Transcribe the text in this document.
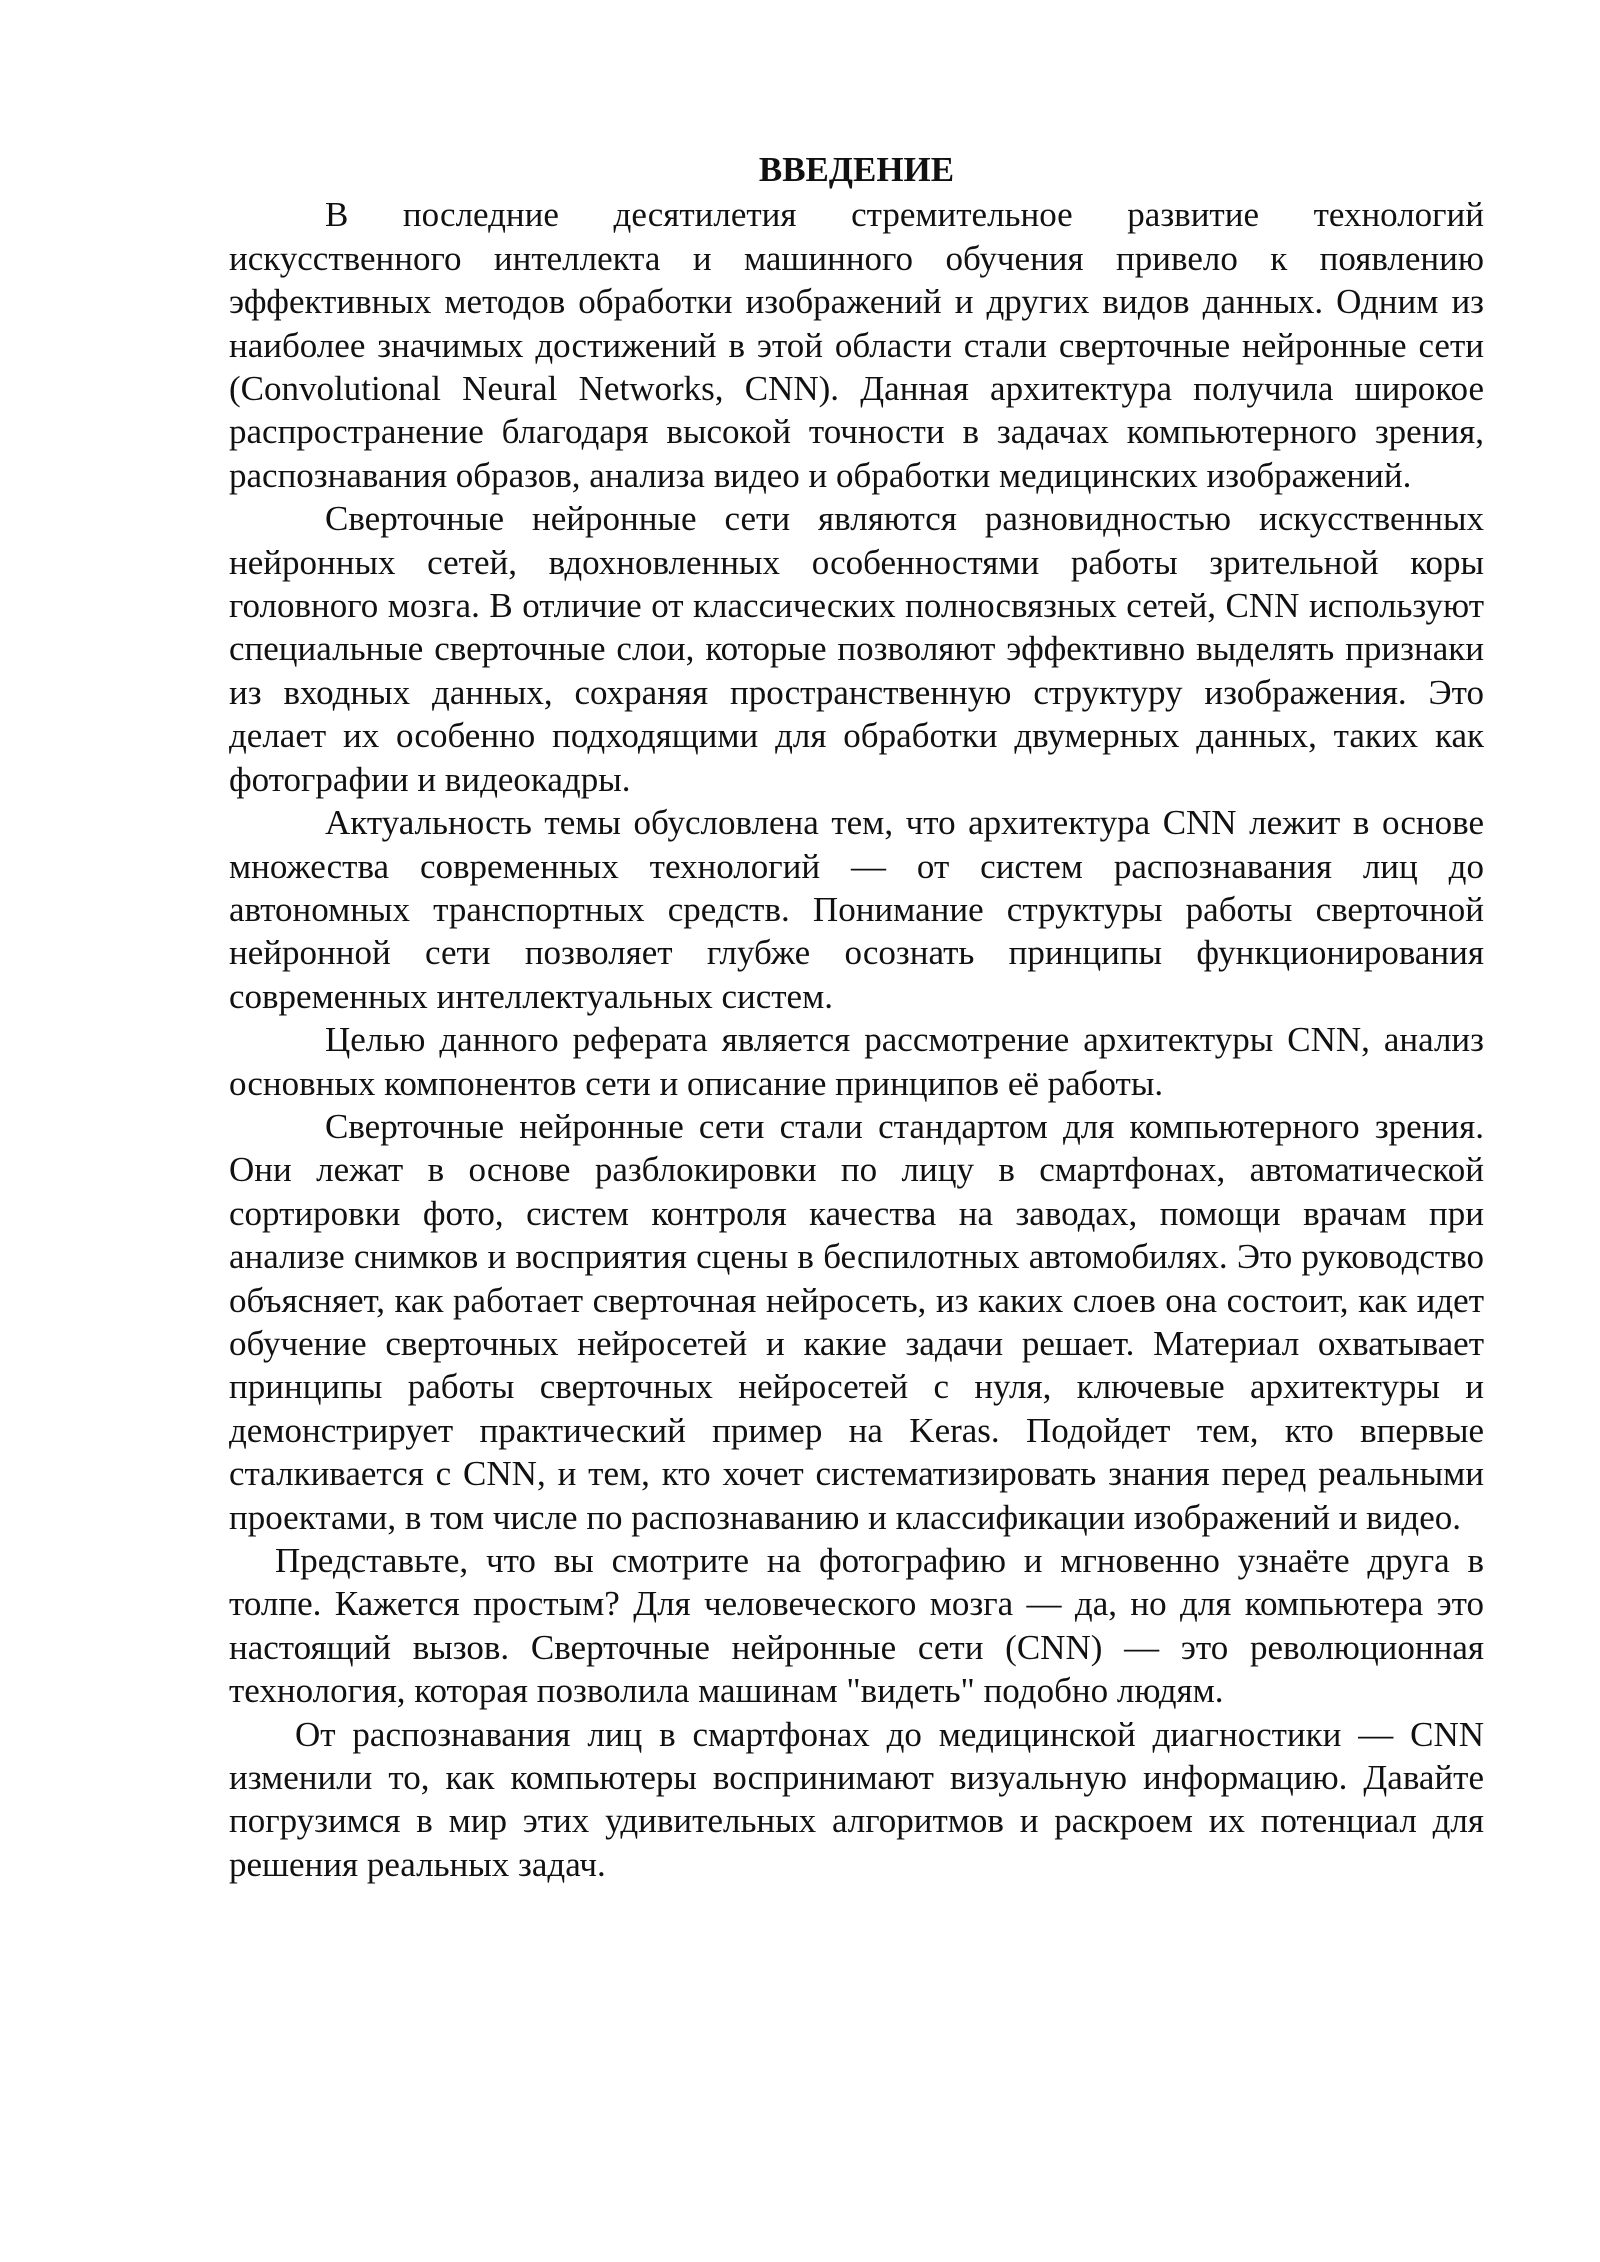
ВВЕДЕНИЕ

В последние десятилетия стремительное развитие технологий искусственного интеллекта и машинного обучения привело к появлению эффективных методов обработки изображений и других видов данных. Одним из наиболее значимых достижений в этой области стали сверточные нейронные сети (Convolutional Neural Networks, CNN). Данная архитектура получила широкое распространение благодаря высокой точности в задачах компьютерного зрения, распознавания образов, анализа видео и обработки медицинских изображений.

Сверточные нейронные сети являются разновидностью искусственных нейронных сетей, вдохновленных особенностями работы зрительной коры головного мозга. В отличие от классических полносвязных сетей, CNN используют специальные сверточные слои, которые позволяют эффективно выделять признаки из входных данных, сохраняя пространственную структуру изображения. Это делает их особенно подходящими для обработки двумерных данных, таких как фотографии и видеокадры.

Актуальность темы обусловлена тем, что архитектура CNN лежит в основе множества современных технологий — от систем распознавания лиц до автономных транспортных средств. Понимание структуры работы сверточной нейронной сети позволяет глубже осознать принципы функционирования современных интеллектуальных систем.

Целью данного реферата является рассмотрение архитектуры CNN, анализ основных компонентов сети и описание принципов её работы.

Сверточные нейронные сети стали стандартом для компьютерного зрения. Они лежат в основе разблокировки по лицу в смартфонах, автоматической сортировки фото, систем контроля качества на заводах, помощи врачам при анализе снимков и восприятия сцены в беспилотных автомобилях. Это руководство объясняет, как работает сверточная нейросеть, из каких слоев она состоит, как идет обучение сверточных нейросетей и какие задачи решает. Материал охватывает принципы работы сверточных нейросетей с нуля, ключевые архитектуры и демонстрирует практический пример на Keras. Подойдет тем, кто впервые сталкивается с CNN, и тем, кто хочет систематизировать знания перед реальными проектами, в том числе по распознаванию и классификации изображений и видео.

Представьте, что вы смотрите на фотографию и мгновенно узнаёте друга в толпе. Кажется простым? Для человеческого мозга — да, но для компьютера это настоящий вызов. Сверточные нейронные сети (CNN) — это революционная технология, которая позволила машинам "видеть" подобно людям.

От распознавания лиц в смартфонах до медицинской диагностики — CNN изменили то, как компьютеры воспринимают визуальную информацию. Давайте погрузимся в мир этих удивительных алгоритмов и раскроем их потенциал для решения реальных задач.
